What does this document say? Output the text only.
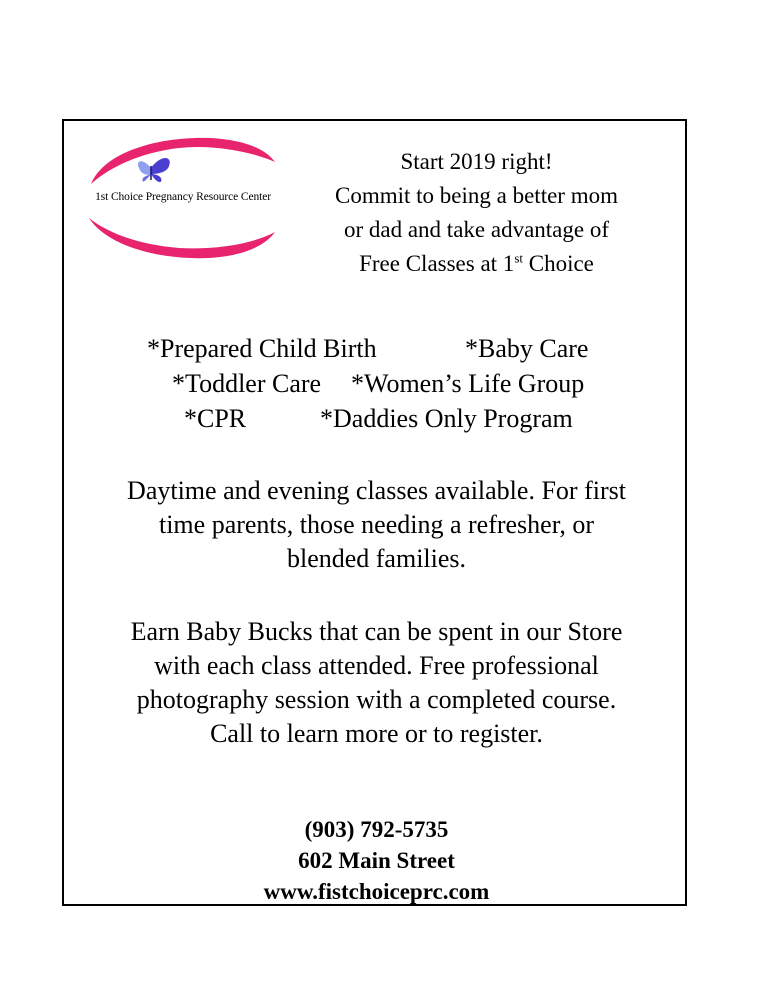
1st Choice Pregnancy Resource Center
Start 2019 right!
Commit to being a better mom
or dad and take advantage of
Free Classes at 1st Choice
*Prepared Child Birth	*Baby Care
*Toddler Care *Women’s Life Group
*CPR	*Daddies Only Program
Daytime and evening classes available. For first
time parents, those needing a refresher, or
blended families.
Earn Baby Bucks that can be spent in our Store
with each class attended. Free professional
photography session with a completed course.
Call to learn more or to register.
(903) 792-5735
602 Main Street
www.fistchoiceprc.com
